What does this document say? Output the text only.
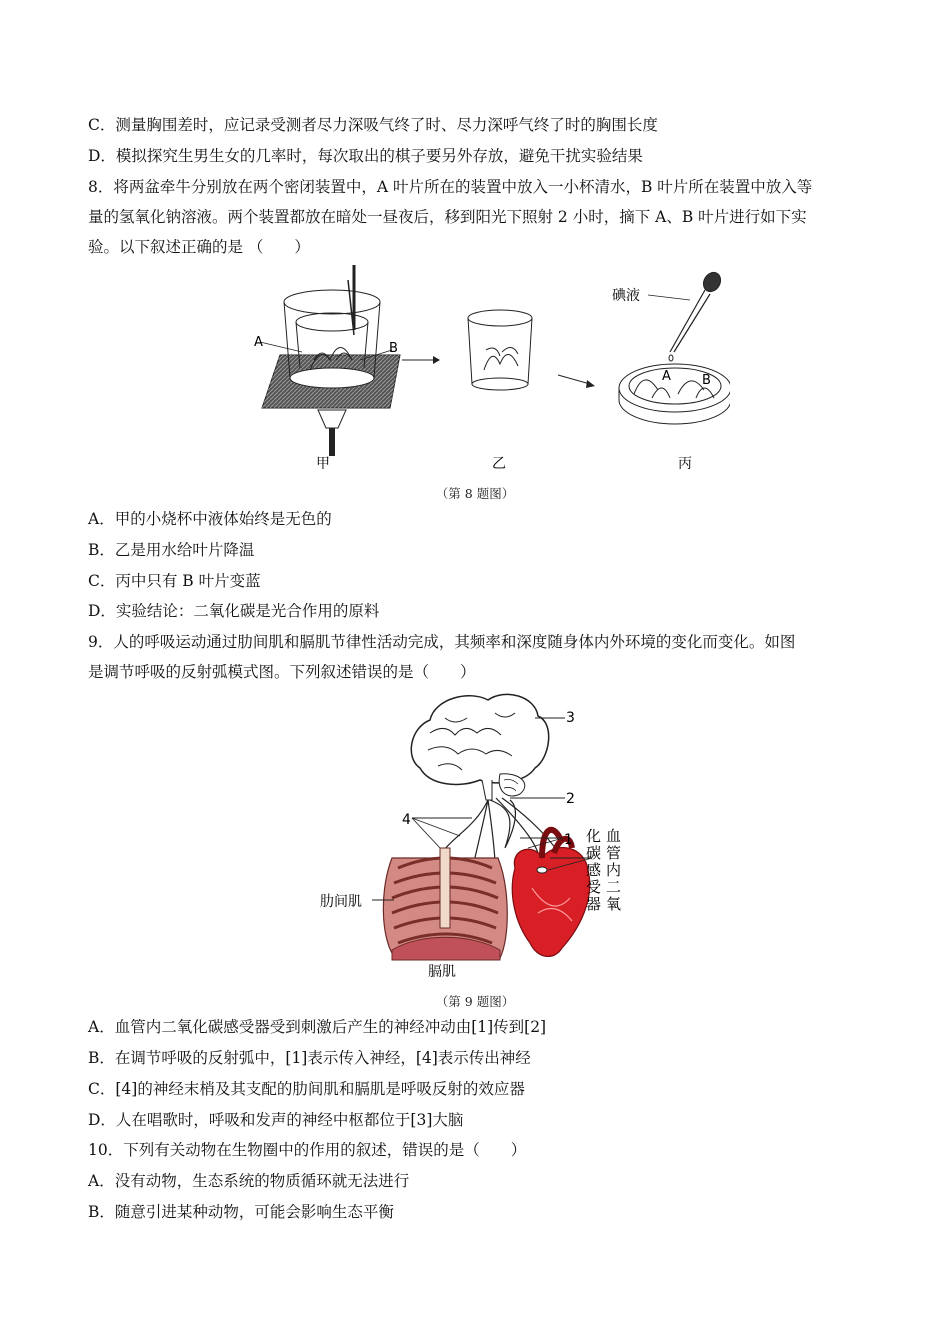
C．测量胸围差时，应记录受测者尽力深吸气终了时、尽力深呼气终了时的胸围长度
D．模拟探究生男生女的几率时，每次取出的棋子要另外存放，避免干扰实验结果
8．将两盆牵牛分别放在两个密闭装置中，A 叶片所在的装置中放入一小杯清水，B 叶片所在装置中放入等
量的氢氧化钠溶液。两个装置都放在暗处一昼夜后，移到阳光下照射 2 小时，摘下 A、B 叶片进行如下实
验。以下叙述正确的是 （　　）
A	B
甲	乙
碘液
A B
丙
（第 8 题图）
A．甲的小烧杯中液体始终是无色的
B．乙是用水给叶片降温
C．丙中只有 B 叶片变蓝
D．实验结论：二氧化碳是光合作用的原料
9．人的呼吸运动通过肋间肌和膈肌节律性活动完成，其频率和深度随身体内外环境的变化而变化。如图
是调节呼吸的反射弧模式图。下列叙述错误的是（　　）
3
2
1
4
肋间肌
膈肌
化碳感受器 血管内二氧
（第 9 题图）
A．血管内二氧化碳感受器受到刺激后产生的神经冲动由[1]传到[2]
B．在调节呼吸的反射弧中，[1]表示传入神经，[4]表示传出神经
C．[4]的神经末梢及其支配的肋间肌和膈肌是呼吸反射的效应器
D．人在唱歌时，呼吸和发声的神经中枢都位于[3]大脑
10．下列有关动物在生物圈中的作用的叙述，错误的是（　　）
A．没有动物，生态系统的物质循环就无法进行
B．随意引进某种动物，可能会影响生态平衡
